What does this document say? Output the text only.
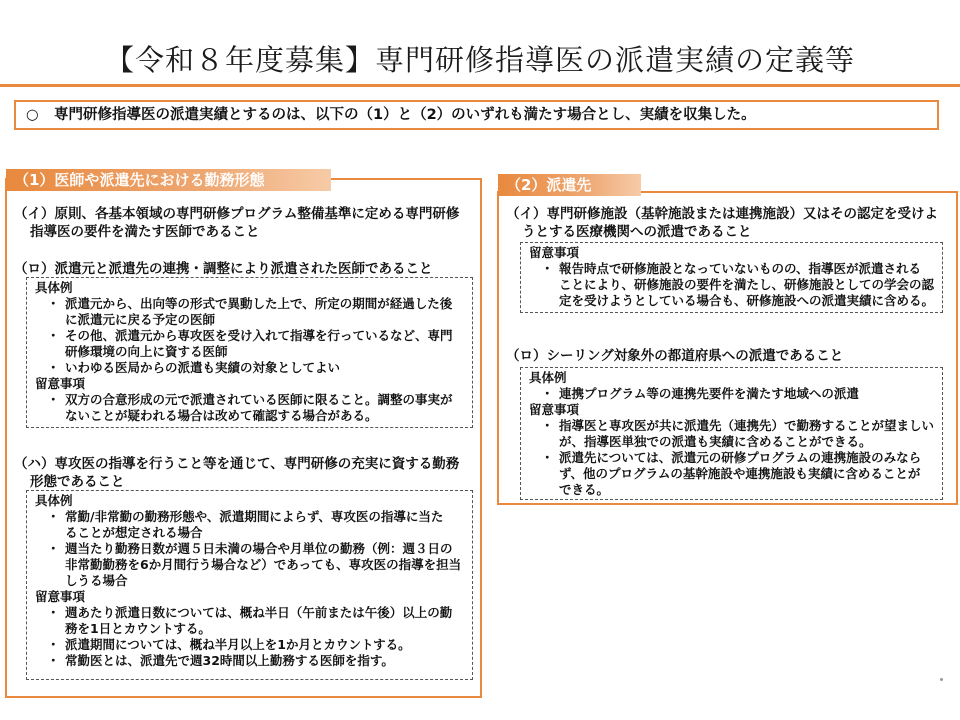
【令和８年度募集】専門研修指導医の派遣実績の定義等
○ 専門研修指導医の派遣実績とするのは、以下の（1）と（2）のいずれも満たす場合とし、実績を収集した。
（1）医師や派遣先における勤務形態
（イ）原則、各基本領域の専門研修プログラム整備基準に定める専門研修
指導医の要件を満たす医師であること
（ロ）派遣元と派遣先の連携・調整により派遣された医師であること
具体例
・ 派遣元から、出向等の形式で異動した上で、所定の期間が経過した後
に派遣元に戻る予定の医師
・ その他、派遣元から専攻医を受け入れて指導を行っているなど、専門
研修環境の向上に資する医師
・ いわゆる医局からの派遣も実績の対象としてよい
留意事項
・ 双方の合意形成の元で派遣されている医師に限ること。調整の事実が
ないことが疑われる場合は改めて確認する場合がある。
（ハ）専攻医の指導を行うこと等を通じて、専門研修の充実に資する勤務
形態であること
具体例
・ 常勤/非常勤の勤務形態や、派遣期間によらず、専攻医の指導に当た
ることが想定される場合
・ 週当たり勤務日数が週５日未満の場合や月単位の勤務（例：週３日の
非常勤勤務を6か月間行う場合など）であっても、専攻医の指導を担当
しうる場合
留意事項
・ 週あたり派遣日数については、概ね半日（午前または午後）以上の勤
務を1日とカウントする。
・ 派遣期間については、概ね半月以上を1か月とカウントする。
・ 常勤医とは、派遣先で週32時間以上勤務する医師を指す。
（2）派遣先
（イ）専門研修施設（基幹施設または連携施設）又はその認定を受けよ
うとする医療機関への派遣であること
留意事項
・ 報告時点で研修施設となっていないものの、指導医が派遣される
ことにより、研修施設の要件を満たし、研修施設としての学会の認
定を受けようとしている場合も、研修施設への派遣実績に含める。
（ロ）シーリング対象外の都道府県への派遣であること
具体例
・ 連携プログラム等の連携先要件を満たす地域への派遣
留意事項
・ 指導医と専攻医が共に派遣先（連携先）で勤務することが望ましい
が、指導医単独での派遣も実績に含めることができる。
・ 派遣先については、派遣元の研修プログラムの連携施設のみなら
ず、他のプログラムの基幹施設や連携施設も実績に含めることが
できる。
